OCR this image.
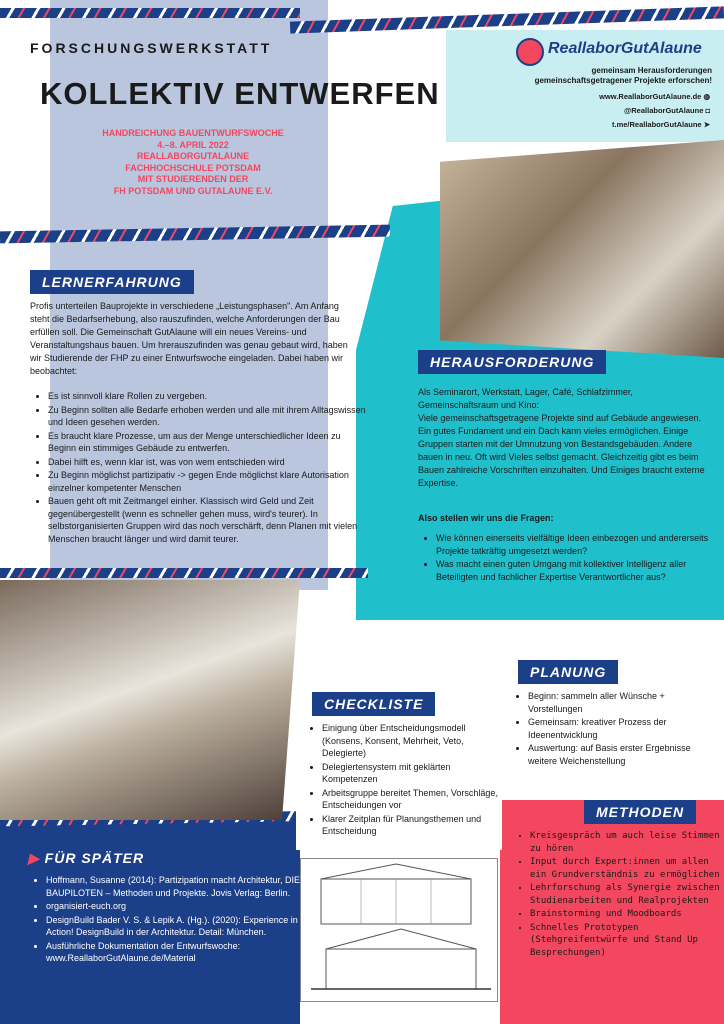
FORSCHUNGSWERKSTATT
KOLLEKTIV ENTWERFEN
HANDREICHUNG BAUENTWURFSWOCHE
4.–8. APRIL 2022
REALLABORGUTALAUNE
FACHHOCHSCHULE POTSDAM
MIT STUDIERENDEN DER
FH POTSDAM UND GUTALAUNE E.V.
ReallaborGutAlaune
gemeinsam Herausforderungen
gemeinschaftsgetragener Projekte erforschen!
www.ReallaborGutAlaune.de ◍
@ReallaborGutAlaune ◘
t.me/ReallaborGutAlaune ➤
LERNERFAHRUNG
Profis unterteilen Bauprojekte in verschiedene „Leistungsphasen". Am Anfang steht die Bedarfserhebung, also rauszufinden, welche Anforderungen der Bau erfüllen soll. Die Gemeinschaft GutAlaune will ein neues Vereins- und Veranstaltungshaus bauen. Um hrerauszufinden was genau gebaut wird, haben wir Studierende der FHP zu einer Entwurfswoche eingeladen. Dabei haben wir beobachtet:
• Es ist sinnvoll klare Rollen zu vergeben.
• Zu Beginn sollten alle Bedarfe erhoben werden und alle mit ihrem Alltagswissen und Ideen gesehen werden.
• Es braucht klare Prozesse, um aus der Menge unterschiedlicher Ideen zu Beginn ein stimmiges Gebäude zu entwerfen.
• Dabei hilft es, wenn klar ist, was von wem entschieden wird
• Zu Beginn möglichst partizipativ -> gegen Ende möglichst klare Autorisation einzelner kompetenter Menschen
• Bauen geht oft mit Zeitmangel einher. Klassisch wird Geld und Zeit gegenübergestellt (wenn es schneller gehen muss, wird's teurer). In selbstorganisierten Gruppen wird das noch verschärft, denn Planen mit vielen Menschen braucht länger und wird damit teurer.
HERAUSFORDERUNG
Als Seminarort, Werkstatt, Lager, Café, Schlafzimmer, Gemeinschaftsraum und Kino:
Viele gemeinschaftsgetragene Projekte sind auf Gebäude angewiesen. Ein gutes Fundament und ein Dach kann vieles ermöglichen. Einige Gruppen starten mit der Umnutzung von Bestandsgebäuden. Andere bauen in neu. Oft wird Vieles selbst gemacht. Gleichzeitig gibt es beim Bauen zahlreiche Vorschriften einzuhalten. Und Einiges braucht externe Expertise.
Also stellen wir uns die Fragen:
• Wie können einerseits vielfältige Ideen einbezogen und andererseits Projekte tatkräftig umgesetzt werden?
• Was macht einen guten Umgang mit kollektiver Intelligenz aller Beteiligten und fachlicher Expertise Verantwortlicher aus?
PLANUNG
• Beginn: sammeln aller Wünsche + Vorstellungen
• Gemeinsam: kreativer Prozess der Ideenentwicklung
• Auswertung: auf Basis erster Ergebnisse weitere Weichenstellung
CHECKLISTE
• Einigung über Entscheidungsmodell (Konsens, Konsent, Mehrheit, Veto, Delegierte)
• Delegiertensystem mit geklärten Kompetenzen
• Arbeitsgruppe bereitet Themen, Vorschläge, Entscheidungen vor
• Klarer Zeitplan für Planungsthemen und Entscheidung
METHODEN
• Kreisgespräch um auch leise Stimmen zu hören
• Input durch Expert:innen um allen ein Grundverständnis zu ermöglichen
• Lehrforschung als Synergie zwischen Studienarbeiten und Realprojekten
• Brainstorming und Moodboards
• Schnelles Prototypen (Stehgreifentwürfe und Stand Up Besprechungen)
▶ FÜR SPÄTER
• Hoffmann, Susanne (2014): Partizipation macht Architektur, DIE BAUPILOTEN – Methoden und Projekte. Jovis Verlag: Berlin.
• organisiert-euch.org
• DesignBuild Bader V. S. & Lepik A. (Hg.). (2020): Experience in Action! DesignBuild in der Architektur. Detail: München.
• Ausführliche Dokumentation der Entwurfswoche: www.ReallaborGutAlaune.de/Material
